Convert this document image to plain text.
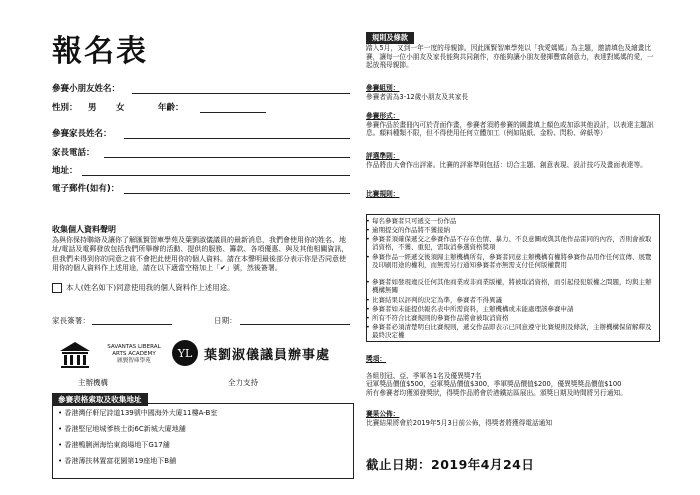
報名表
參賽小朋友姓名：
性別： 男 女	年齡：
參賽家長姓名：
家長電話：
地址：
電子郵件(如有)：
收集個人資料聲明
為與你保持聯絡及讓你了解匯賢智庫學苑及葉劉淑儀議員的最新消息，我們會使用你的姓名、地址/電話及電郵發放包括我們所舉辦的活動、提供的服務、籌款、各項優惠、與及其他相關資訊，但我們未得到你的同意之前不會把此使用你的個人資料。請在本聲明最後部分表示你是否同意使用你的個人資料作上述用途，請在以下適當空格加上「✔」號，然後簽署。
本人(姓名如下)同意使用我的個人資料作上述用途。
家長簽署：	日期：
SAVANTAS LIBERAL
ARTS ACADEMY
匯賢智庫學苑
主辦機構
YL 葉劉淑儀議員辦事處
全力支持
參賽表格索取及收集地址
• 香港灣仔軒尼詩道139號中國海外大廈11樓A-B室
• 香港堅尼地城爹核士街6C新城大廈地舖
• 香港鴨脷洲海怡東商場地下G17舖
• 香港薄扶林置富花園第19座地下B舖
規則及條款
踏入5月，又到一年一度的母親節。因此匯賢智庫學苑以「我愛媽媽」為主題，邀請填色及繪畫比賽，讓每一位小朋友及家長能夠共同創作，亦能夠讓小朋友發揮豐富創意力，表達對媽媽的愛，一起放飛母親節。
參賽組別：
參賽者需為3-12歲小朋友及其家長
參賽形式：
參賽作品於畫冊內可於背面作畫，參賽者須將參賽的圖畫填上顏色或加添其他設計，以表達主題訊息。顏料種類不限，但不得使用任何立體加工（例如貼紙、金粉、閃粉、碎紙等）
評選準則：
作品將由大會作出評審。比賽的評審準則包括：切合主題、創意表現、設計技巧及畫面表達等。
比賽規則：
• 每名參賽者只可遞交一份作品
• 逾期提交的作品將不獲接納
• 參賽者須確保遞交之參賽作品不存在色情、暴力、不良意圖或與其他作品雷同的內容，否則會被取消資格，不獲、重犯，需取消參選資格獎項
• 參賽作品一經遞交後須歸主辦機構所有，參賽者同意主辦機構有權將參賽作品用作任何宣傳、展覽及印刷用途的權利，而無需另行通知參賽者亦無需支付任何版權費用
• 參賽者如發現違反任何其他商業或非商業版權，將被取消資格，而引起侵犯版權之問題，均與主辦機構無關
• 比賽結果以評判的決定為準，參賽者不得異議
• 參賽者如未能提供報名表中所需資料，主辦機構或未能處理該參賽申請
• 所有不符合比賽規則的參賽作品將會被取消資格
• 參賽者必須清楚明白比賽規則，遞交作品即表示已同意遵守比賽規則及條款，主辦機構保留解釋及最終決定權

獎項：

各組別冠、亞、季軍各1名及優異獎7名
冠軍獎品價值$500，亞軍獎品價值$300，季軍獎品價值$200，優異獎獎品價值$100
所有參賽者均獲頒發獎狀，得獎作品將會於港鐵站區展出。頒獎日期及時間將另行通知。

賽果公佈：
比賽結果將會於2019年5月3日前公佈，得獎者將獲得電話通知
截止日期：2019年4月24日
